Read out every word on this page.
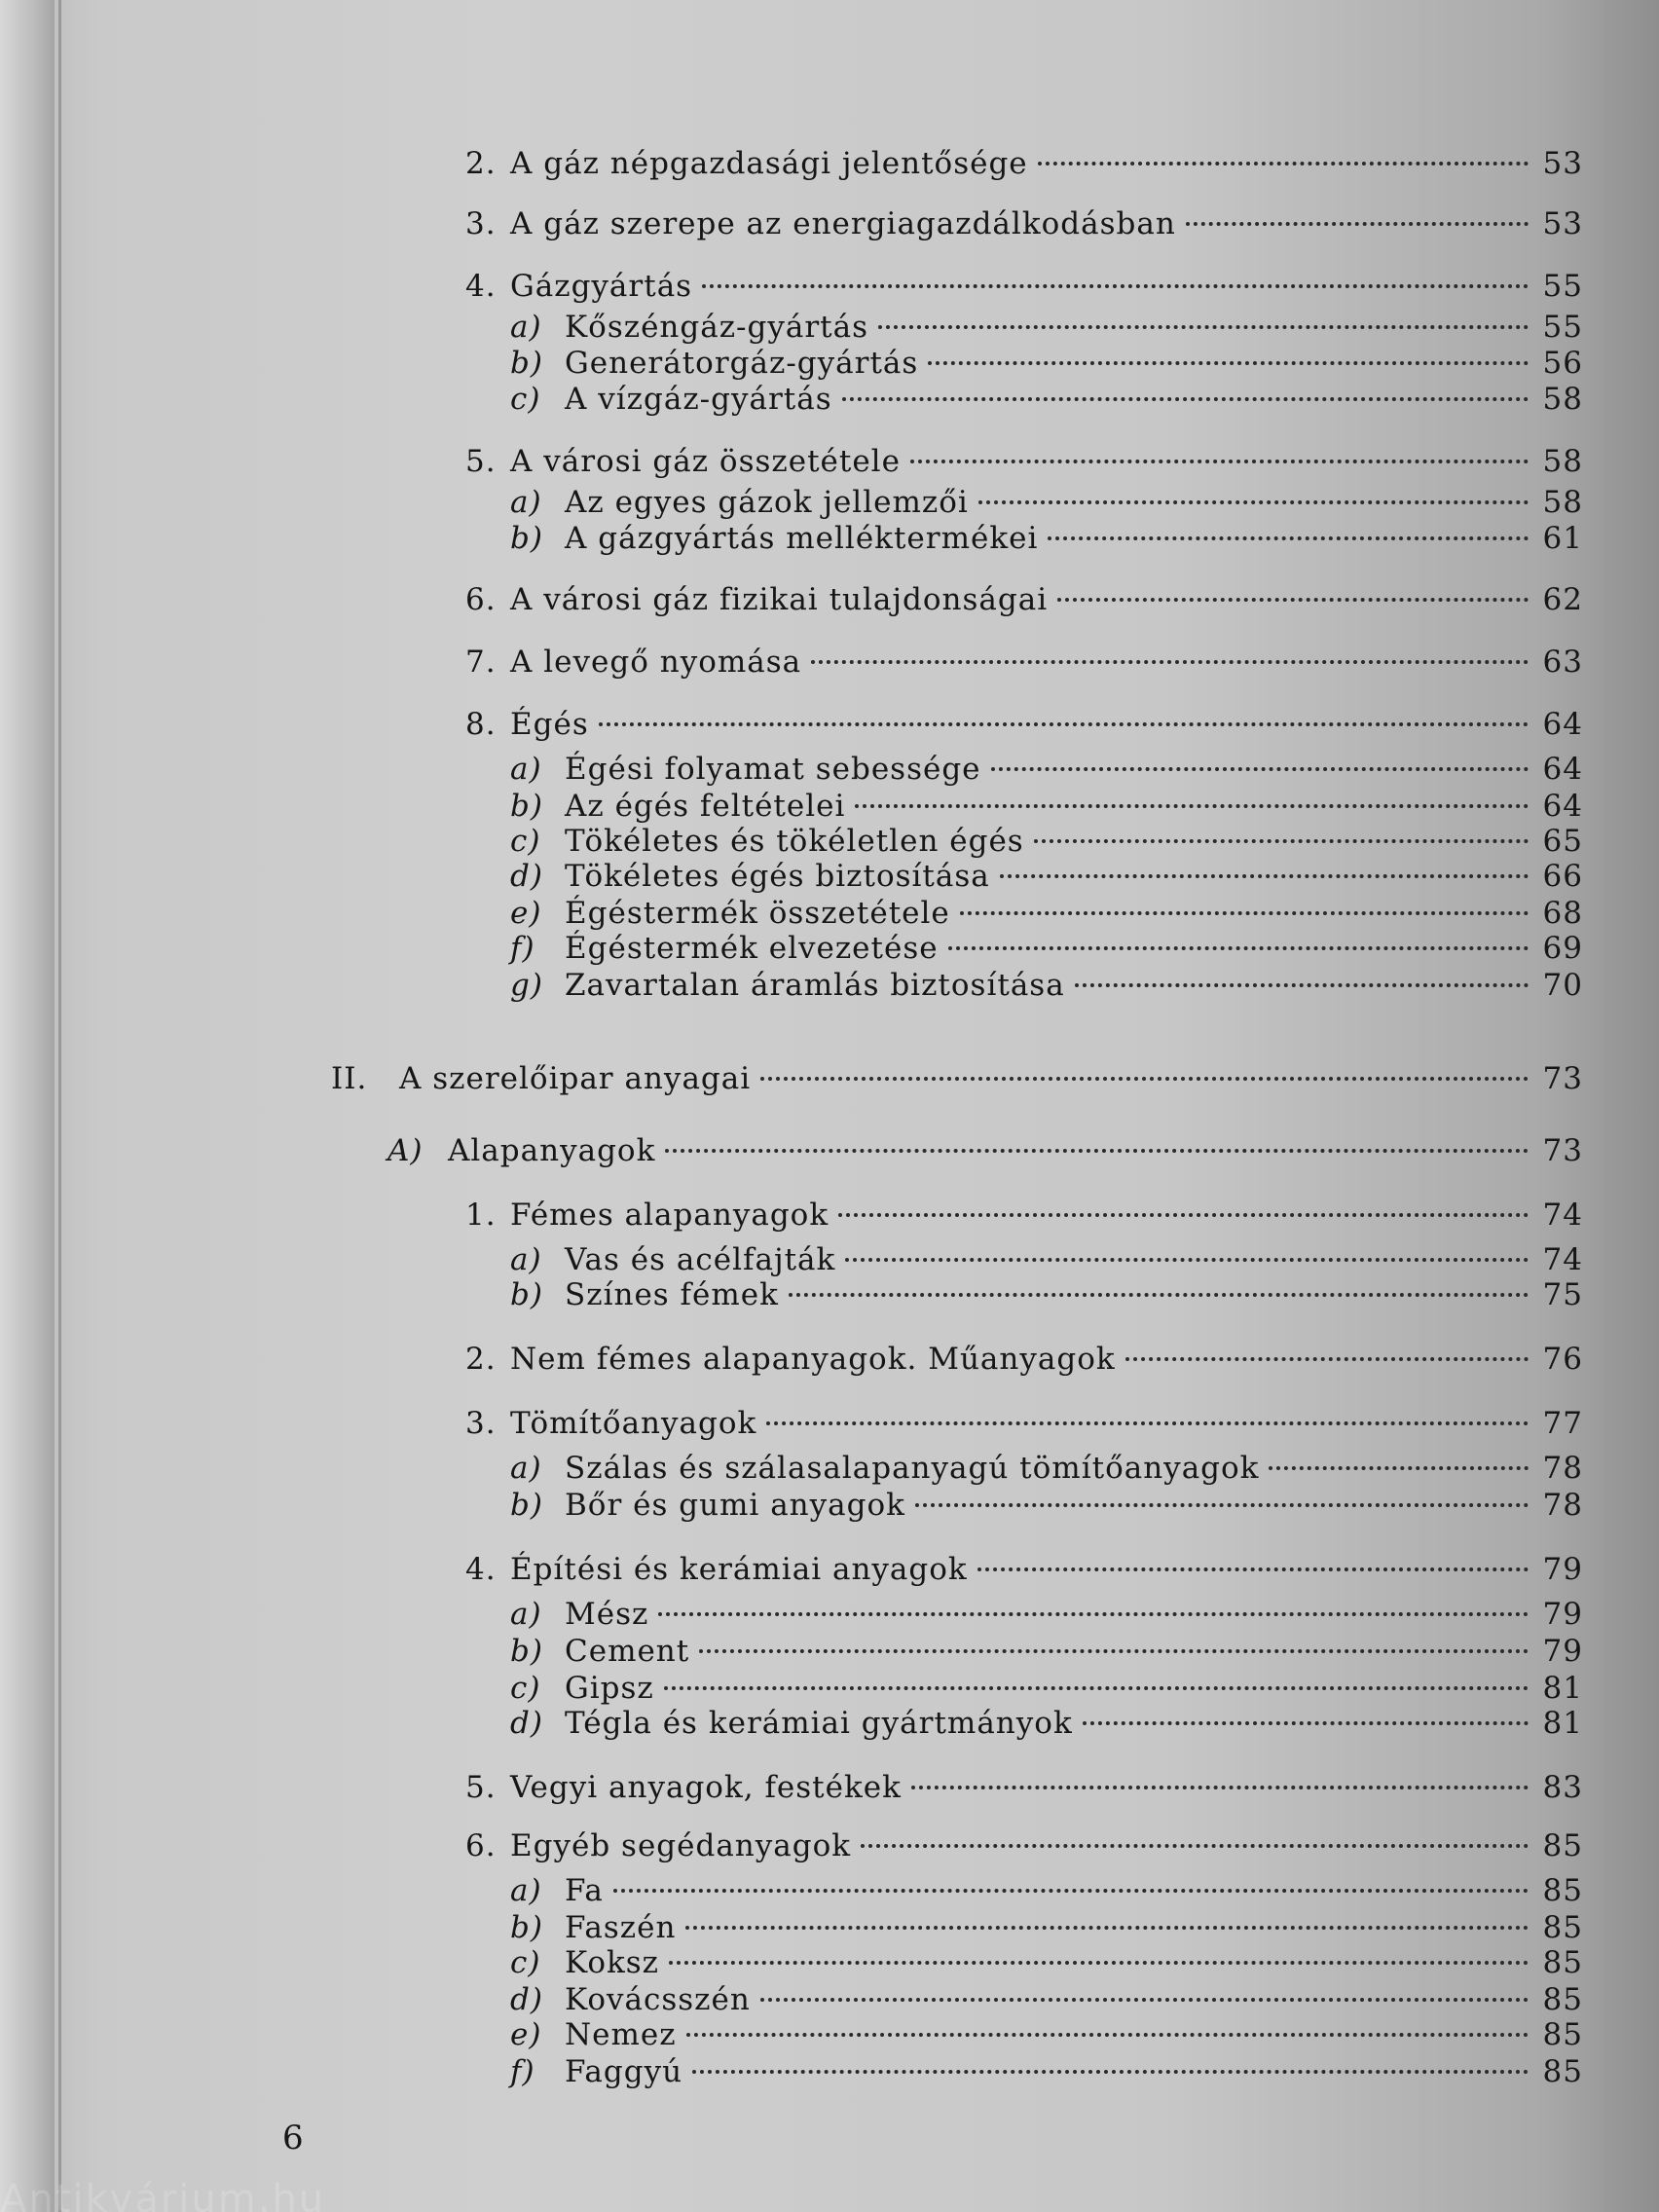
2. A gáz népgazdasági jelentősége	53
3. A gáz szerepe az energiagazdálkodásban	53
4. Gázgyártás	55
a) Kőszéngáz-gyártás	55
b) Generátorgáz-gyártás	56
c) A vízgáz-gyártás	58
5. A városi gáz összetétele	58
a) Az egyes gázok jellemzői	58
b) A gázgyártás melléktermékei	61
6. A városi gáz fizikai tulajdonságai	62
7. A levegő nyomása	63
8. Égés	64
a) Égési folyamat sebessége	64
b) Az égés feltételei	64
c) Tökéletes és tökéletlen égés	65
d) Tökéletes égés biztosítása	66
e) Égéstermék összetétele	68
f) Égéstermék elvezetése	69
g) Zavartalan áramlás biztosítása	70
II.	A szerelőipar anyagai	73
A) Alapanyagok	73
1. Fémes alapanyagok	74
a) Vas és acélfajták	74
b) Színes fémek	75
2. Nem fémes alapanyagok. Műanyagok	76
3. Tömítőanyagok	77
a) Szálas és szálasalapanyagú tömítőanyagok	78
b) Bőr és gumi anyagok	78
4. Építési és kerámiai anyagok	79
a) Mész	79
b) Cement	79
c) Gipsz	81
d) Tégla és kerámiai gyártmányok	81
5. Vegyi anyagok, festékek	83
6. Egyéb segédanyagok	85
a) Fa	85
b) Faszén	85
c) Koksz	85
d) Kovácsszén	85
e) Nemez	85
f) Faggyú	85
6
Antikvárium.hu
